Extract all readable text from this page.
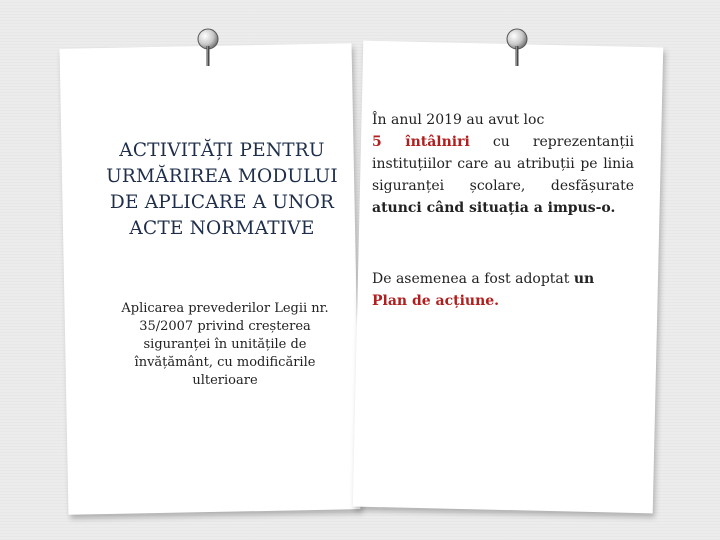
ACTIVITĂȚI PENTRU URMĂRIREA MODULUI DE APLICARE A UNOR ACTE NORMATIVE
Aplicarea prevederilor Legii nr. 35/2007 privind creșterea siguranței în unitățile de învățământ, cu modificările ulterioare
În anul 2019 au avut loc
5 întâlniri cu reprezentanții instituțiilor care au atribuții pe linia siguranței școlare, desfășurate atunci când situația a impus-o.
De asemenea a fost adoptat un
Plan de acțiune.
